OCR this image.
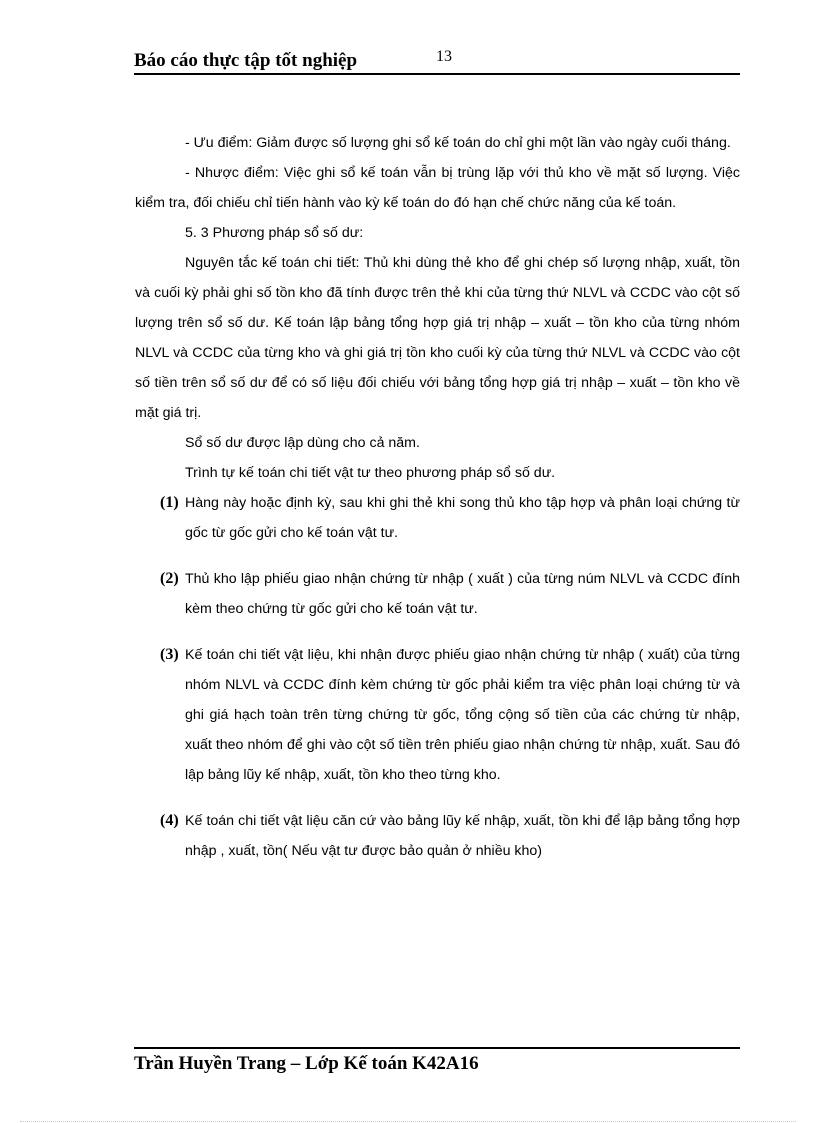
Báo cáo thực tập tốt nghiệp	13

- Ưu điểm: Giảm được số lượng ghi sổ kế toán do chỉ ghi một lần vào ngày cuối tháng.

- Nhược điểm: Việc ghi sổ kế toán vẫn bị trùng lặp với thủ kho về mặt số lượng. Việc kiểm tra, đối chiếu chỉ tiến hành vào kỳ kế toán do đó hạn chế chức năng của kế toán.

5. 3 Phương pháp sổ số dư:

Nguyên tắc kế toán chi tiết: Thủ khi dùng thẻ kho để ghi chép số lượng nhập, xuất, tồn và cuối kỳ phải ghi số tồn kho đã tính được trên thẻ khi của từng thứ NLVL và CCDC vào cột số lượng trên sổ số dư. Kế toán lập bảng tổng hợp giá trị nhập – xuất – tồn kho của từng nhóm NLVL và CCDC của từng kho và ghi giá trị tồn kho cuối kỳ của từng thứ NLVL và CCDC vào cột số tiền trên sổ số dư để có số liệu đối chiếu với bảng tổng hợp giá trị nhập – xuất – tồn kho về mặt giá trị.

Sổ số dư được lập dùng cho cả năm.

Trình tự kế toán chi tiết vật tư theo phương pháp sổ số dư.

(1) Hàng này hoặc định kỳ, sau khi ghi thẻ khi song thủ kho tập hợp và phân loại chứng từ gốc từ gốc gửi cho kế toán vật tư.
(2) Thủ kho lập phiếu giao nhận chứng từ nhập ( xuất ) của từng núm NLVL và CCDC đính kèm theo chứng từ gốc gửi cho kế toán vật tư.
(3) Kế toán chi tiết vật liệu, khi nhận được phiếu giao nhận chứng từ nhập ( xuất) của từng nhóm NLVL và CCDC đính kèm chứng từ gốc phải kiểm tra việc phân loại chứng từ và ghi giá hạch toàn trên từng chứng từ gốc, tổng cộng số tiền của các chứng từ nhập, xuất theo nhóm để ghi vào cột số tiền trên phiếu giao nhận chứng từ nhập, xuất. Sau đó lập bảng lũy kế nhập, xuất, tồn kho theo từng kho.
(4) Kế toán chi tiết vật liệu căn cứ vào bảng lũy kế nhập, xuất, tồn khi để lập bảng tổng hợp nhập , xuất, tồn( Nếu vật tư được bảo quản ở nhiều kho)
Trần Huyền Trang – Lớp Kế toán K42A16
